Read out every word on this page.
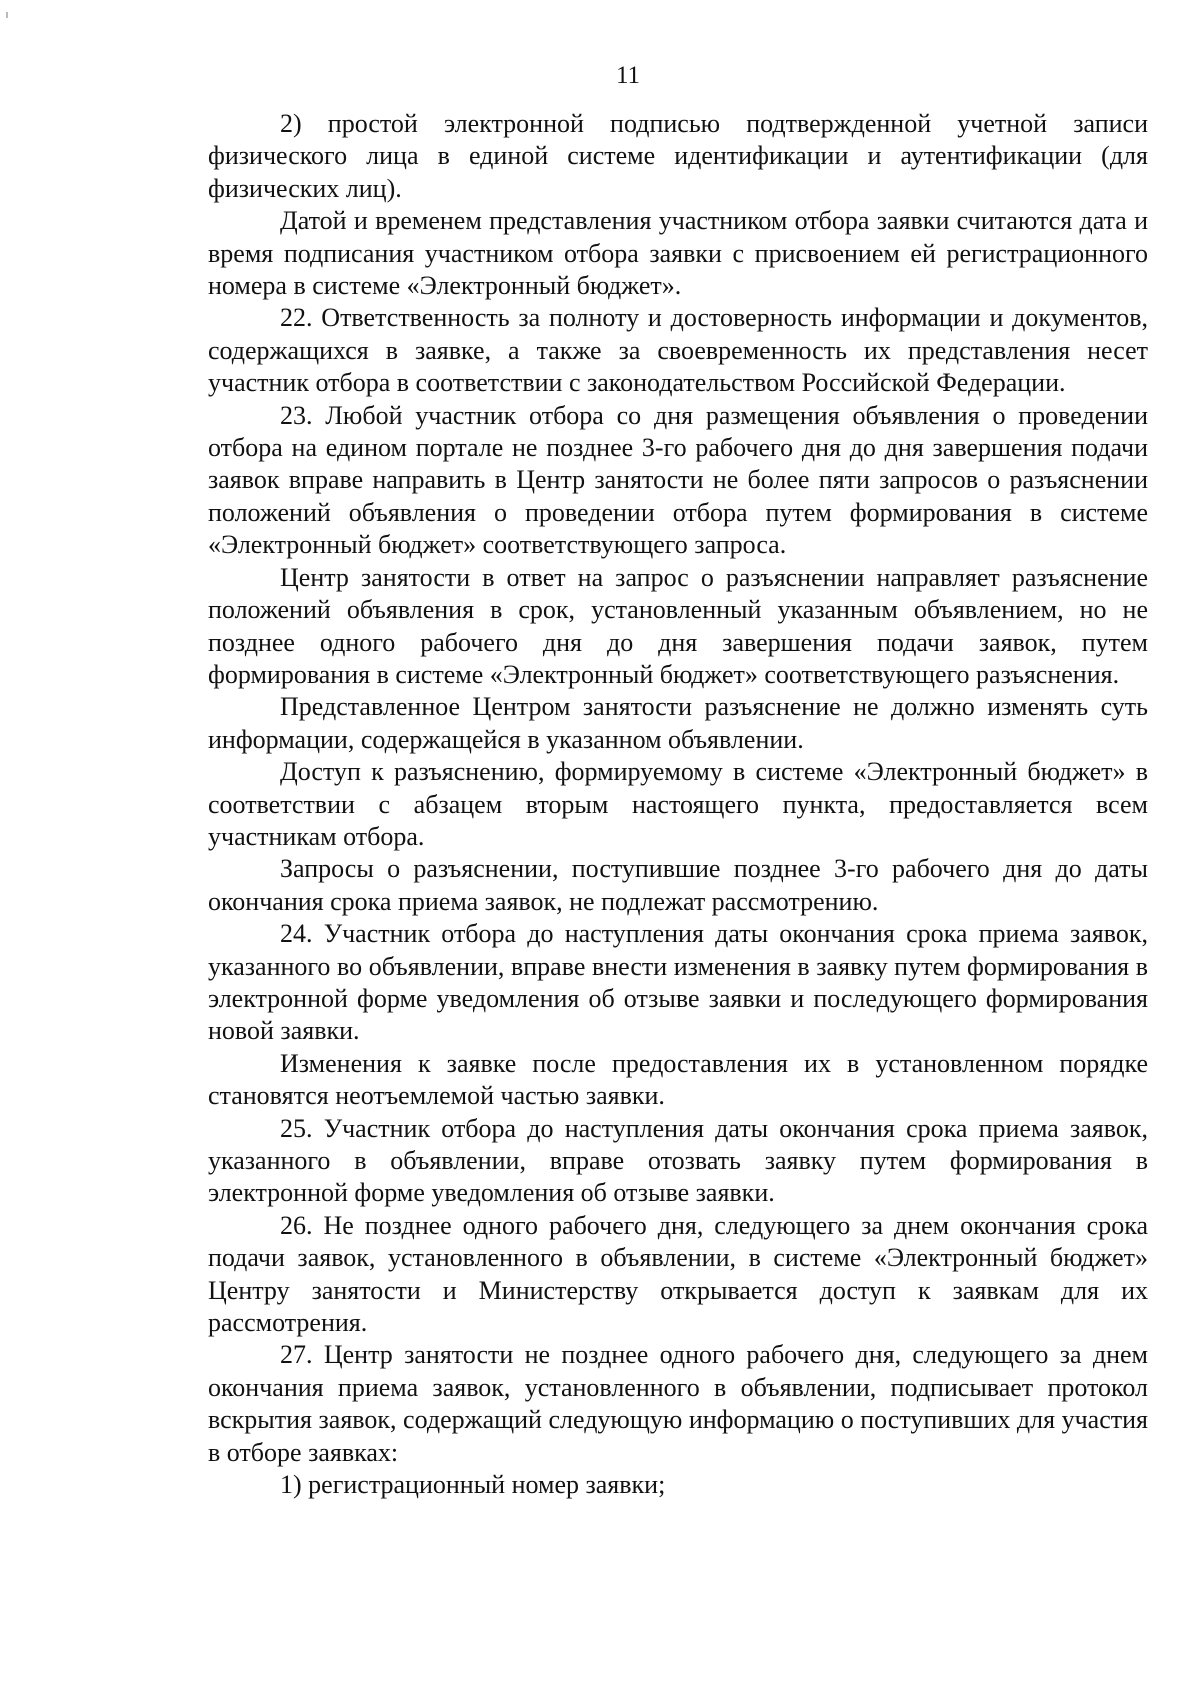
11

2) простой электронной подписью подтвержденной учетной записи физического лица в единой системе идентификации и аутентификации (для физических лиц).

Датой и временем представления участником отбора заявки считаются дата и время подписания участником отбора заявки с присвоением ей регистрационного номера в системе «Электронный бюджет».

22. Ответственность за полноту и достоверность информации и документов, содержащихся в заявке, а также за своевременность их представления несет участник отбора в соответствии с законодательством Российской Федерации.

23. Любой участник отбора со дня размещения объявления о проведении отбора на едином портале не позднее 3-го рабочего дня до дня завершения подачи заявок вправе направить в Центр занятости не более пяти запросов о разъяснении положений объявления о проведении отбора путем формирования в системе «Электронный бюджет» соответствующего запроса.

Центр занятости в ответ на запрос о разъяснении направляет разъяснение положений объявления в срок, установленный указанным объявлением, но не позднее одного рабочего дня до дня завершения подачи заявок, путем формирования в системе «Электронный бюджет» соответствующего разъяснения.

Представленное Центром занятости разъяснение не должно изменять суть информации, содержащейся в указанном объявлении.

Доступ к разъяснению, формируемому в системе «Электронный бюджет» в соответствии с абзацем вторым настоящего пункта, предоставляется всем участникам отбора.

Запросы о разъяснении, поступившие позднее 3-го рабочего дня до даты окончания срока приема заявок, не подлежат рассмотрению.

24. Участник отбора до наступления даты окончания срока приема заявок, указанного во объявлении, вправе внести изменения в заявку путем формирования в электронной форме уведомления об отзыве заявки и последующего формирования новой заявки.

Изменения к заявке после предоставления их в установленном порядке становятся неотъемлемой частью заявки.

25. Участник отбора до наступления даты окончания срока приема заявок, указанного в объявлении, вправе отозвать заявку путем формирования в электронной форме уведомления об отзыве заявки.

26. Не позднее одного рабочего дня, следующего за днем окончания срока подачи заявок, установленного в объявлении, в системе «Электронный бюджет» Центру занятости и Министерству открывается доступ к заявкам для их рассмотрения.

27. Центр занятости не позднее одного рабочего дня, следующего за днем окончания приема заявок, установленного в объявлении, подписывает протокол вскрытия заявок, содержащий следующую информацию о поступивших для участия в отборе заявках:

1) регистрационный номер заявки;
